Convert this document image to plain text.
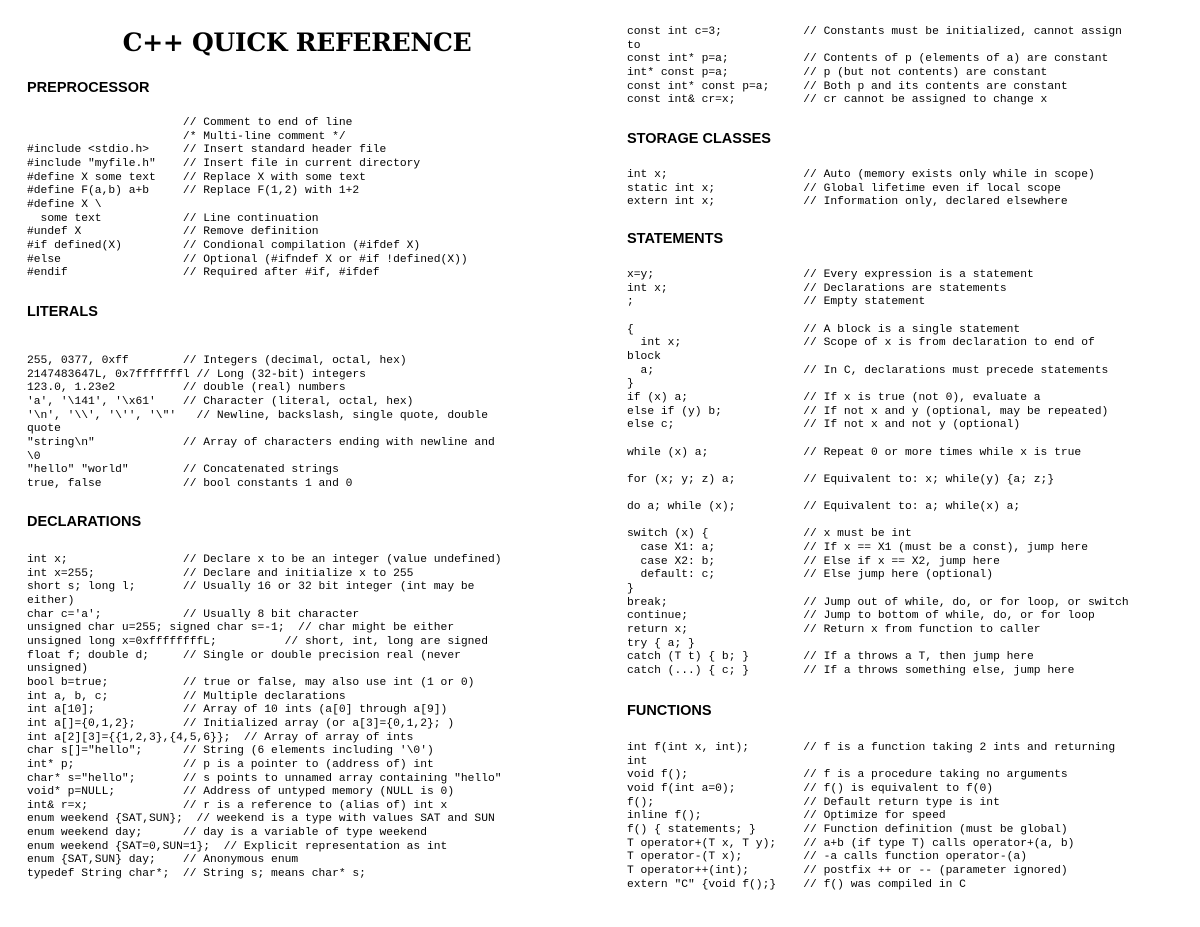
C++ QUICK REFERENCE
PREPROCESSOR
// Comment to end of line
/* Multi-line comment */
#include <stdio.h>     // Insert standard header file
#include "myfile.h"    // Insert file in current directory
#define X some text    // Replace X with some text
#define F(a,b) a+b     // Replace F(1,2) with 1+2
#define X \
some text            // Line continuation
#undef X               // Remove definition
#if defined(X)         // Condional compilation (#ifdef X)
#else                  // Optional (#ifndef X or #if !defined(X))
#endif                 // Required after #if, #ifdef

LITERALS
255, 0377, 0xff        // Integers (decimal, octal, hex)
2147483647L, 0x7fffffffl // Long (32-bit) integers
123.0, 1.23e2          // double (real) numbers
'a', '\141', '\x61'    // Character (literal, octal, hex)
'\n', '\\', '\'', '\"'   // Newline, backslash, single quote, double
quote
"string\n"             // Array of characters ending with newline and
\0
"hello" "world"        // Concatenated strings
true, false            // bool constants 1 and 0

DECLARATIONS
int x;                 // Declare x to be an integer (value undefined)
int x=255;             // Declare and initialize x to 255
short s; long l;       // Usually 16 or 32 bit integer (int may be
either)
char c='a';            // Usually 8 bit character
unsigned char u=255; signed char s=-1;  // char might be either
unsigned long x=0xffffffffL;          // short, int, long are signed
float f; double d;     // Single or double precision real (never
unsigned)
bool b=true;           // true or false, may also use int (1 or 0)
int a, b, c;           // Multiple declarations
int a[10];             // Array of 10 ints (a[0] through a[9])
int a[]={0,1,2};       // Initialized array (or a[3]={0,1,2}; )
int a[2][3]={{1,2,3},{4,5,6}};  // Array of array of ints
char s[]="hello";      // String (6 elements including '\0')
int* p;                // p is a pointer to (address of) int
char* s="hello";       // s points to unnamed array containing "hello"
void* p=NULL;          // Address of untyped memory (NULL is 0)
int& r=x;              // r is a reference to (alias of) int x
enum weekend {SAT,SUN};  // weekend is a type with values SAT and SUN
enum weekend day;      // day is a variable of type weekend
enum weekend {SAT=0,SUN=1};  // Explicit representation as int
enum {SAT,SUN} day;    // Anonymous enum
typedef String char*;  // String s; means char* s;

const int c=3;            // Constants must be initialized, cannot assign
to
const int* p=a;           // Contents of p (elements of a) are constant
int* const p=a;           // p (but not contents) are constant
const int* const p=a;     // Both p and its contents are constant
const int& cr=x;          // cr cannot be assigned to change x

STORAGE CLASSES
int x;                    // Auto (memory exists only while in scope)
static int x;             // Global lifetime even if local scope
extern int x;             // Information only, declared elsewhere

STATEMENTS
x=y;                      // Every expression is a statement
int x;                    // Declarations are statements
;                         // Empty statement

{                         // A block is a single statement
int x;                  // Scope of x is from declaration to end of
block
a;                      // In C, declarations must precede statements
}
if (x) a;                 // If x is true (not 0), evaluate a
else if (y) b;            // If not x and y (optional, may be repeated)
else c;                   // If not x and not y (optional)

while (x) a;              // Repeat 0 or more times while x is true

for (x; y; z) a;          // Equivalent to: x; while(y) {a; z;}

do a; while (x);          // Equivalent to: a; while(x) a;

switch (x) {              // x must be int
case X1: a;             // If x == X1 (must be a const), jump here
case X2: b;             // Else if x == X2, jump here
default: c;             // Else jump here (optional)
}
break;                    // Jump out of while, do, or for loop, or switch
continue;                 // Jump to bottom of while, do, or for loop
return x;                 // Return x from function to caller
try { a; }
catch (T t) { b; }        // If a throws a T, then jump here
catch (...) { c; }        // If a throws something else, jump here

FUNCTIONS
int f(int x, int);        // f is a function taking 2 ints and returning
int
void f();                 // f is a procedure taking no arguments
void f(int a=0);          // f() is equivalent to f(0)
f();                      // Default return type is int
inline f();               // Optimize for speed
f() { statements; }       // Function definition (must be global)
T operator+(T x, T y);    // a+b (if type T) calls operator+(a, b)
T operator-(T x);         // -a calls function operator-(a)
T operator++(int);        // postfix ++ or -- (parameter ignored)
extern "C" {void f();}    // f() was compiled in C
